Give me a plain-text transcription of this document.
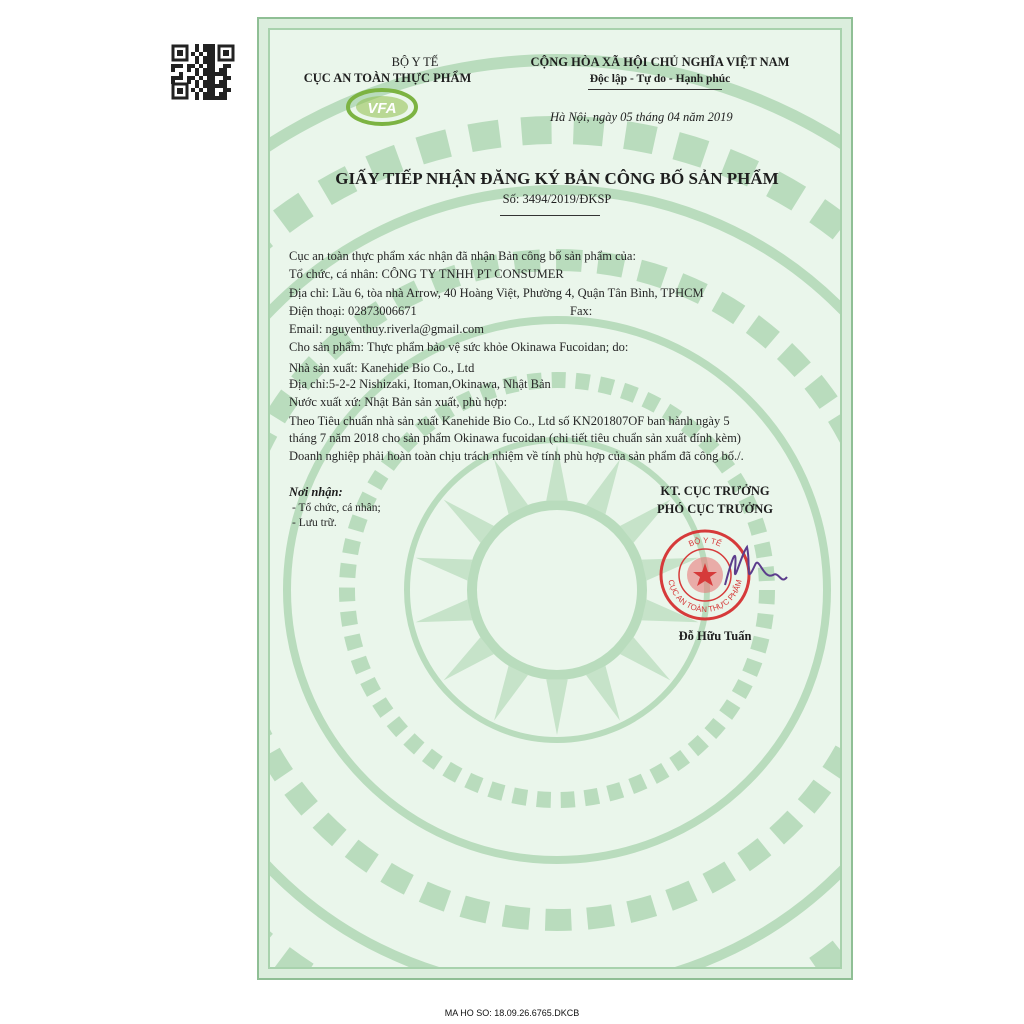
BỘ Y TẾ
CỤC AN TOÀN THỰC PHẨM
VFA
CỘNG HÒA XÃ HỘI CHỦ NGHĨA VIỆT NAM
Độc lập - Tự do - Hạnh phúc
Hà Nội, ngày 05 tháng 04 năm 2019
GIẤY TIẾP NHẬN ĐĂNG KÝ BẢN CÔNG BỐ SẢN PHẨM
Số: 3494/2019/ĐKSP
Cục an toàn thực phẩm xác nhận đã nhận Bản công bố sản phẩm của:
Tổ chức, cá nhân: CÔNG TY TNHH PT CONSUMER
Địa chỉ: Lầu 6, tòa nhà Arrow, 40 Hoàng Việt, Phường 4, Quận Tân Bình, TPHCM
Điện thoại: 02873006671	Fax:
Email: nguyenthuy.riverla@gmail.com
Cho sản phẩm: Thực phẩm bảo vệ sức khỏe Okinawa Fucoidan; do:
Nhà sản xuất: Kanehide Bio Co., Ltd
Địa chỉ:5-2-2 Nishizaki, Itoman,Okinawa, Nhật Bản
Nước xuất xứ: Nhật Bản sản xuất, phù hợp:
Theo Tiêu chuẩn nhà sản xuất Kanehide Bio Co., Ltd số KN201807OF ban hành ngày 5
tháng 7 năm 2018 cho sản phẩm Okinawa fucoidan (chi tiết tiêu chuẩn sản xuất đính kèm)
Doanh nghiệp phải hoàn toàn chịu trách nhiệm về tính phù hợp của sản phẩm đã công bố./.
Nơi nhận:
- Tổ chức, cá nhân;
- Lưu trữ.
KT. CỤC TRƯỞNG
PHÓ CỤC TRƯỞNG
BỘ Y TẾ
CỤC AN TOÀN THỰC PHẨM
Đỗ Hữu Tuấn
MA HO SO: 18.09.26.6765.DKCB
